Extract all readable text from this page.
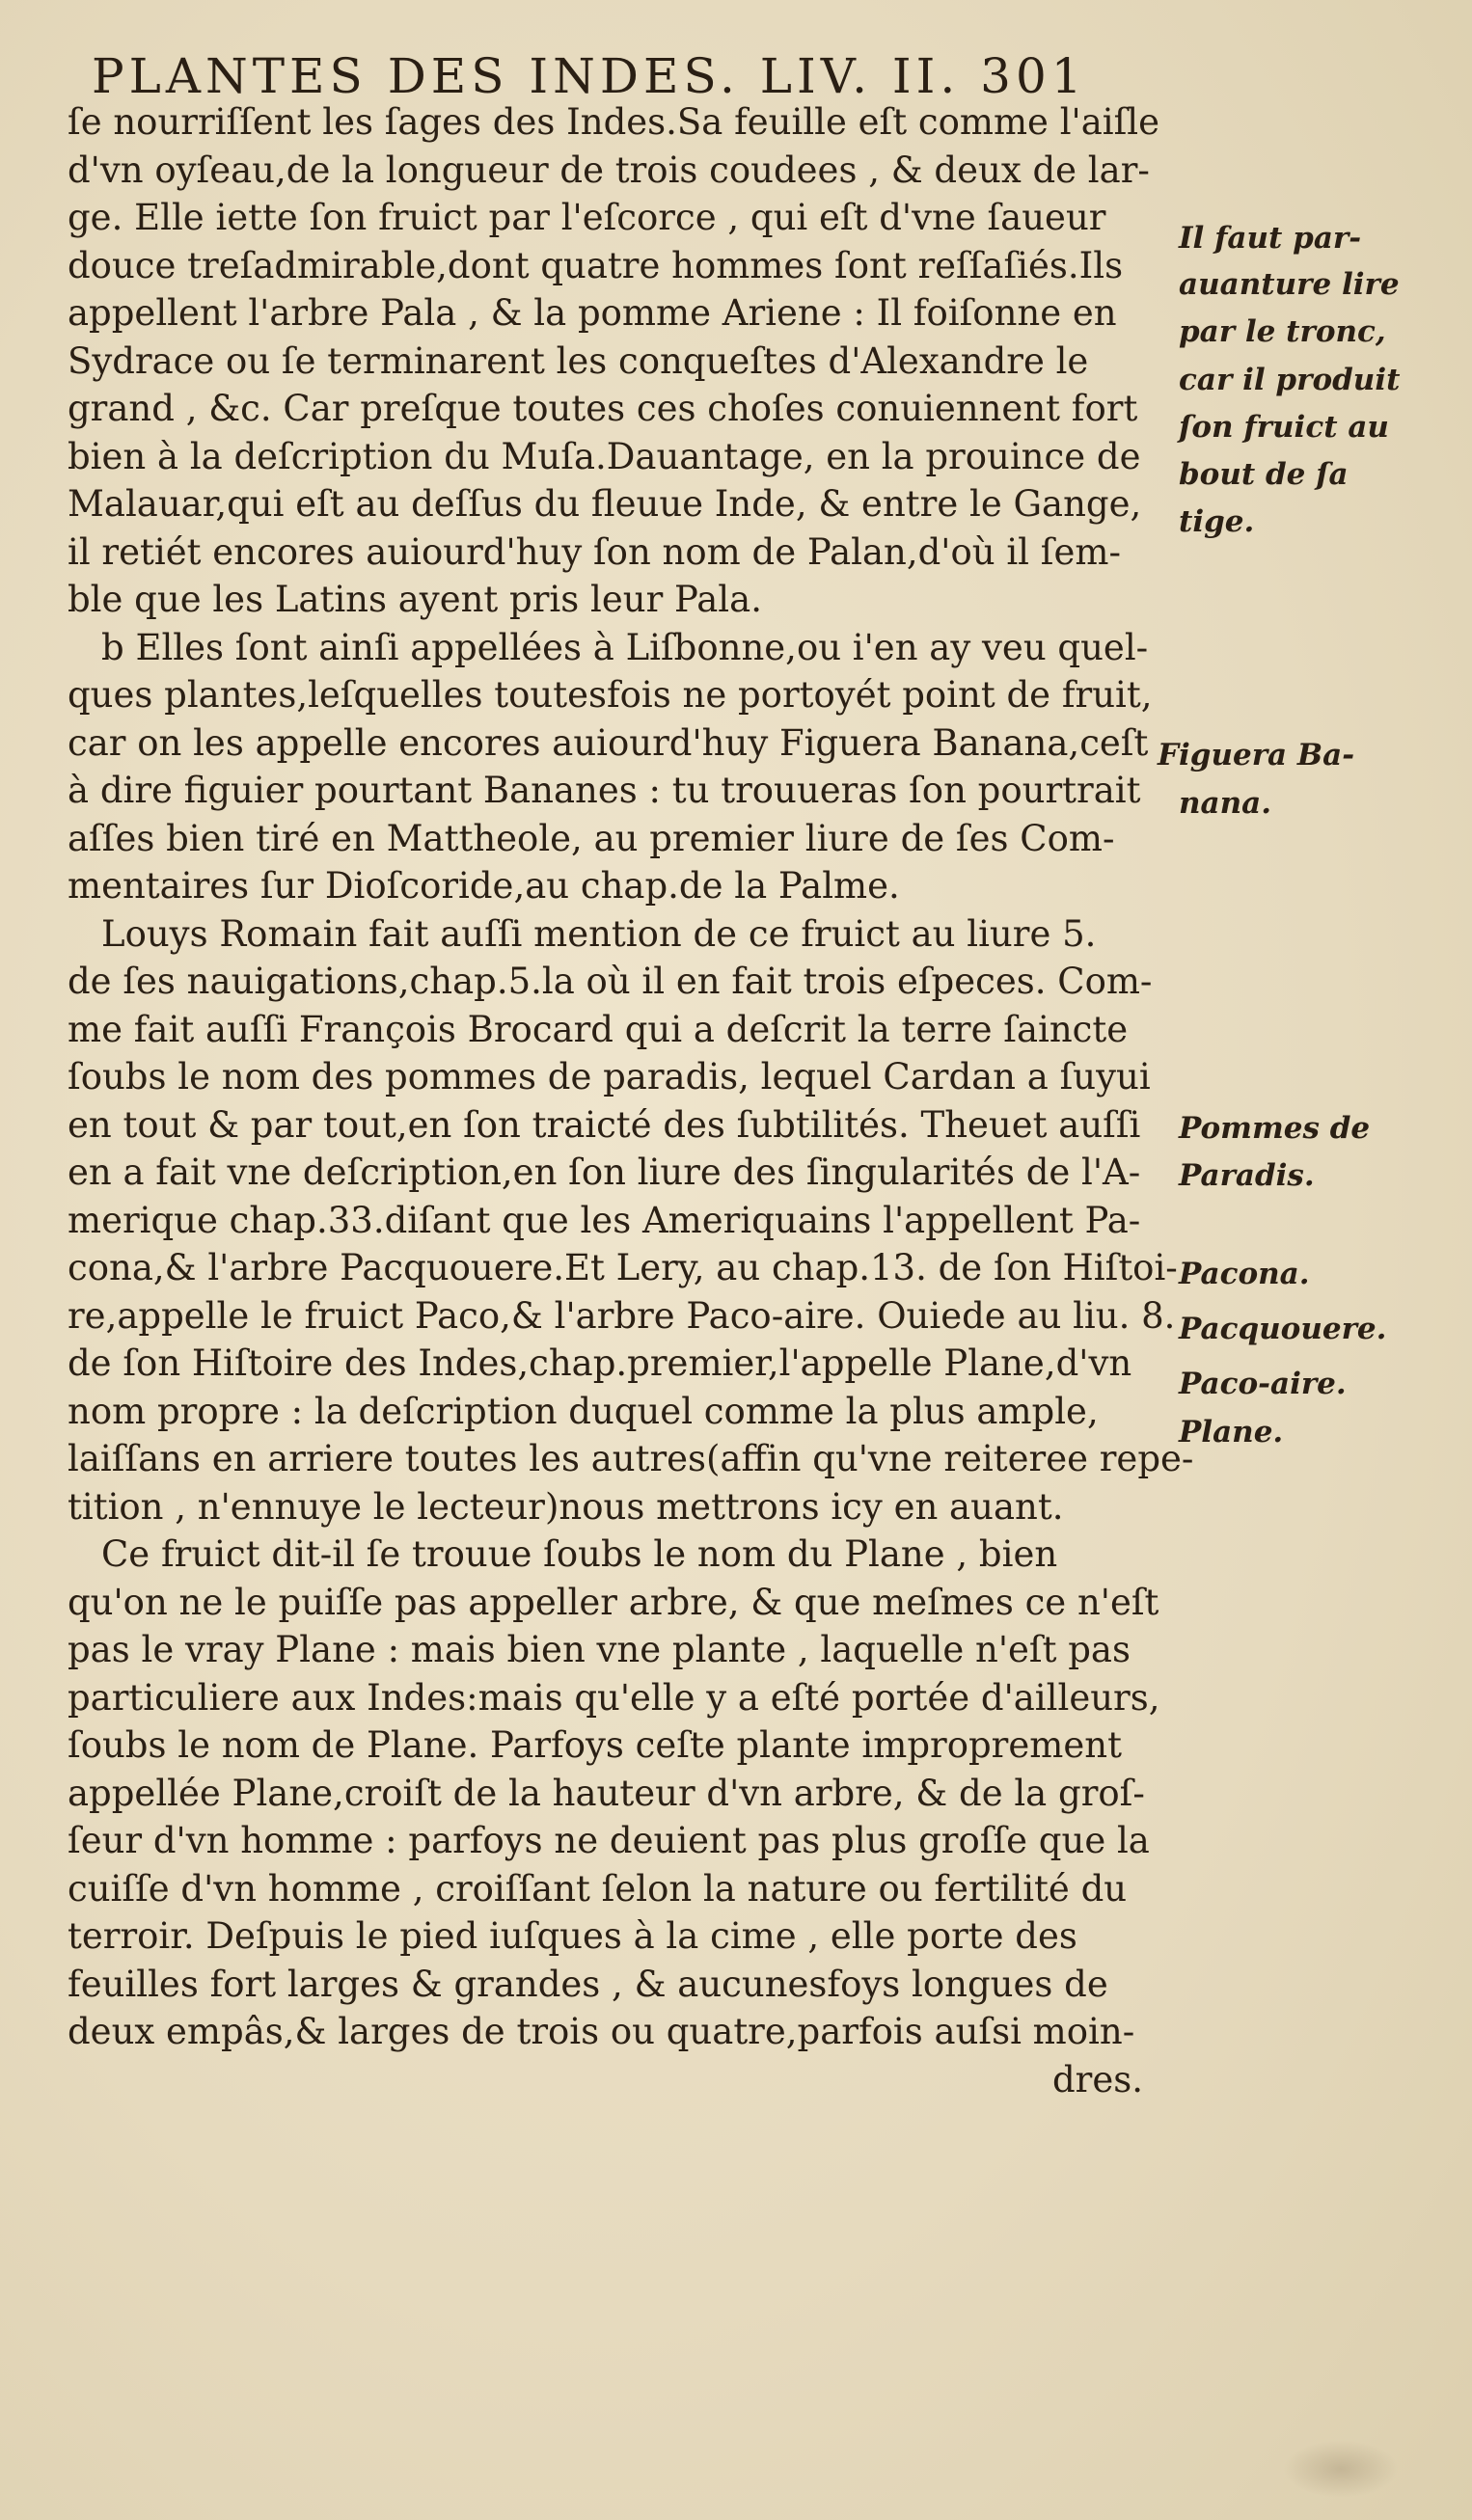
PLANTES DES INDES. LIV. II. 301
ſe nourriſſent les ſages des Indes.Sa feuille eſt comme l'aiſle
d'vn oyſeau,de la longueur de trois coudees , & deux de lar-
ge. Elle iette ſon fruict par l'eſcorce , qui eſt d'vne ſaueur
douce treſadmirable,dont quatre hommes ſont reſſaſiés.Ils
appellent l'arbre Pala , & la pomme Ariene : Il foiſonne en
Sydrace ou ſe terminarent les conqueſtes d'Alexandre le
grand , &c. Car preſque toutes ces choſes conuiennent fort
bien à la deſcription du Muſa.Dauantage, en la prouince de
Malauar,qui eſt au deſſus du fleuue Inde, & entre le Gange,
il retiét encores auiourd'huy ſon nom de Palan,d'où il ſem-
ble que les Latins ayent pris leur Pala.
b Elles ſont ainſi appellées à Liſbonne,ou i'en ay veu quel-
ques plantes,leſquelles toutesfois ne portoyét point de fruit,
car on les appelle encores auiourd'huy Figuera Banana,ceſt
à dire figuier pourtant Bananes : tu trouueras ſon pourtrait
aſſes bien tiré en Mattheole, au premier liure de ſes Com-
mentaires ſur Dioſcoride,au chap.de la Palme.
Louys Romain fait auſſi mention de ce fruict au liure 5.
de ſes nauigations,chap.5.la où il en fait trois eſpeces. Com-
me fait auſſi François Brocard qui a deſcrit la terre ſaincte
ſoubs le nom des pommes de paradis, lequel Cardan a ſuyui
en tout & par tout,en ſon traicté des ſubtilités. Theuet auſſi
en a fait vne deſcription,en ſon liure des ſingularités de l'A-
merique chap.33.diſant que les Ameriquains l'appellent Pa-
cona,& l'arbre Pacquouere.Et Lery, au chap.13. de ſon Hiſtoi-
re,appelle le fruict Paco,& l'arbre Paco-aire. Ouiede au liu. 8.
de ſon Hiſtoire des Indes,chap.premier,l'appelle Plane,d'vn
nom propre : la deſcription duquel comme la plus ample,
laiſſans en arriere toutes les autres(affin qu'vne reiteree repe-
tition , n'ennuye le lecteur)nous mettrons icy en auant.
Ce fruict dit-il ſe trouue ſoubs le nom du Plane , bien
qu'on ne le puiſſe pas appeller arbre, & que meſmes ce n'eſt
pas le vray Plane : mais bien vne plante , laquelle n'eſt pas
particuliere aux Indes:mais qu'elle y a eſté portée d'ailleurs,
ſoubs le nom de Plane. Parfoys ceſte plante improprement
appellée Plane,croiſt de la hauteur d'vn arbre, & de la groſ-
ſeur d'vn homme : parfoys ne deuient pas plus groſſe que la
cuiſſe d'vn homme , croiſſant ſelon la nature ou fertilité du
terroir. Deſpuis le pied iuſques à la cime , elle porte des
feuilles fort larges & grandes , & aucunesfoys longues de
deux empâs,& larges de trois ou quatre,parfois auſsi moin-
dres.
Il faut par-
auanture lire
par le tronc,
car il produit
ſon fruict au
bout de ſa
tige.
Figuera Ba-
nana.
Pommes de
Paradis.
Pacona.
Pacquouere.
Paco-aire.
Plane.
